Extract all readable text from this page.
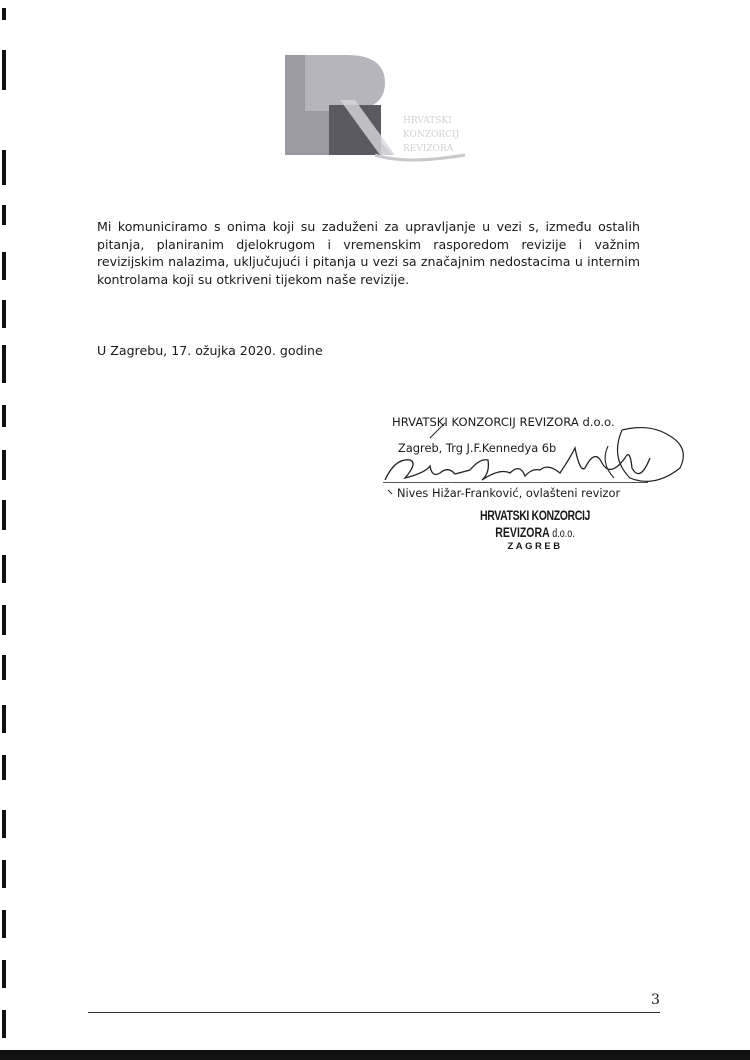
HRVATSKI
KONZORCIJ
REVIZORA

Mi komuniciramo s onima koji su zaduženi za upravljanje u vezi s, između ostalih pitanja, planiranim djelokrugom i vremenskim rasporedom revizije i važnim revizijskim nalazima, uključujući i pitanja u vezi sa značajnim nedostacima u internim kontrolama koji su otkriveni tijekom naše revizije.

U Zagrebu, 17. ožujka 2020. godine

HRVATSKI KONZORCIJ REVIZORA d.o.o.

Zagreb, Trg J.F.Kennedya 6b

Nives Hižar-Franković, ovlašteni revizor

HRVATSKI KONZORCIJ
REVIZORA d.o.o.
ZAGREB

3
